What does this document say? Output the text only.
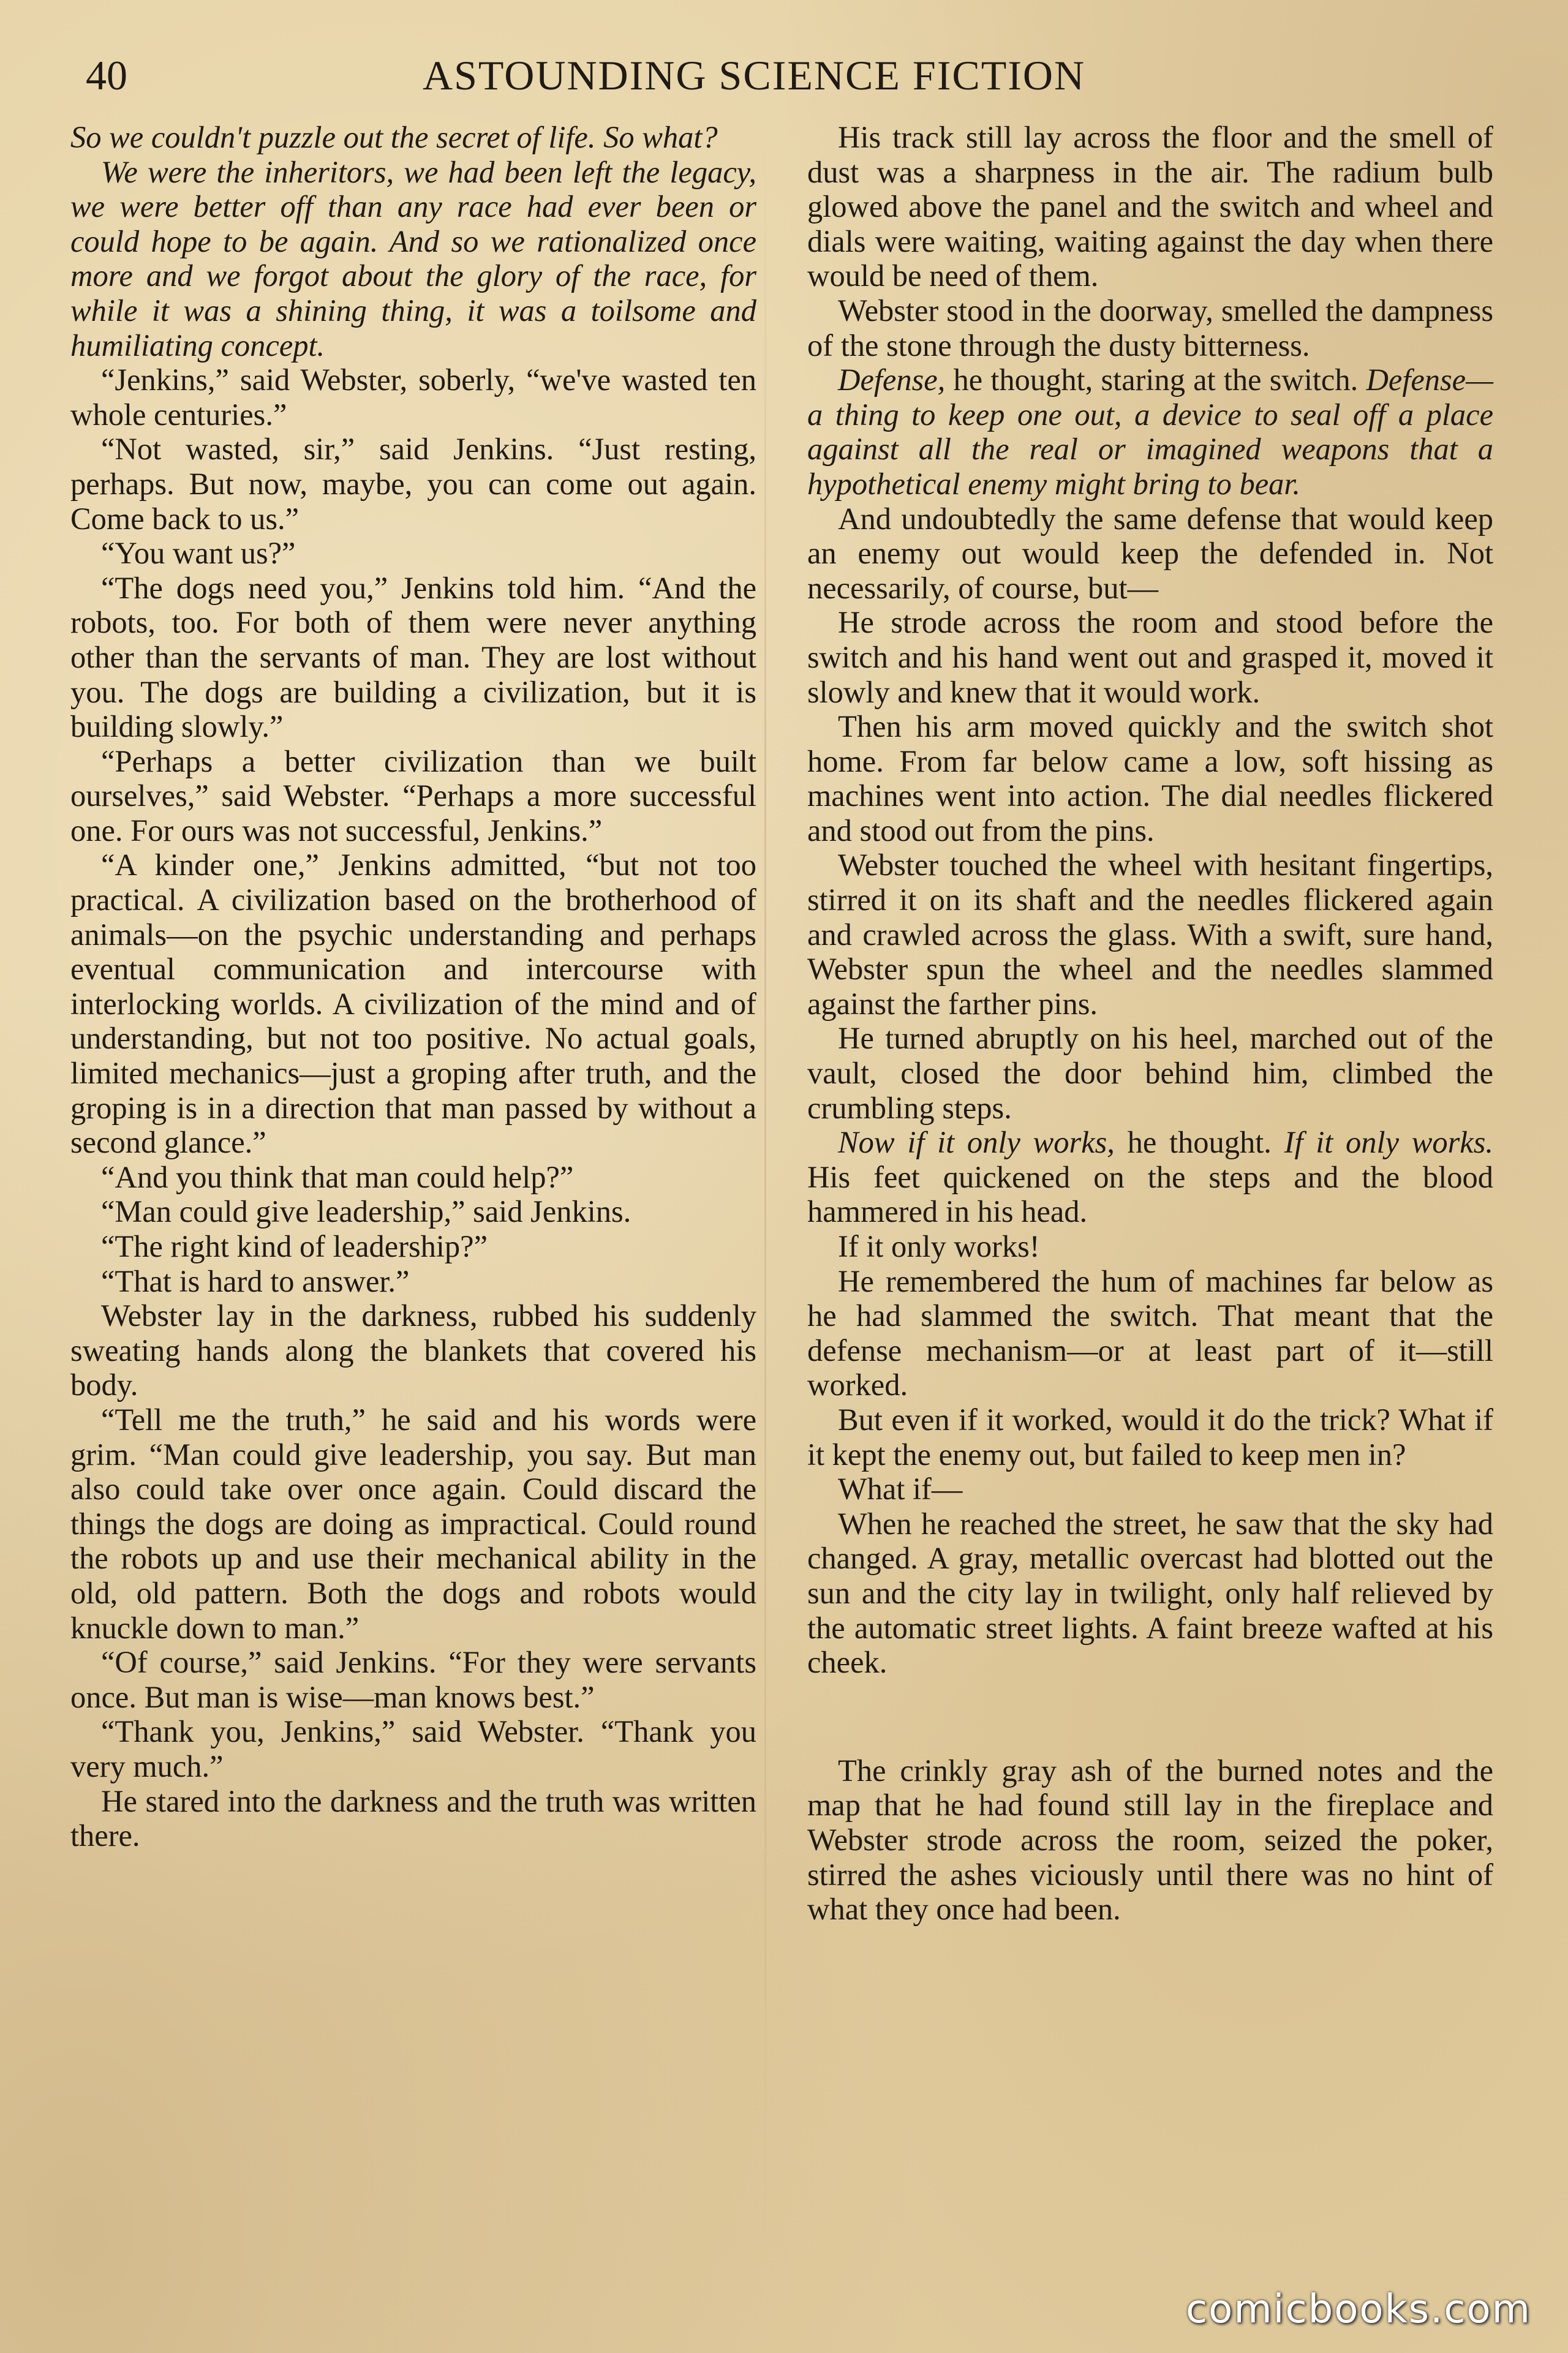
40	ASTOUNDING SCIENCE FICTION

So we couldn't puzzle out the secret of life. So what?

We were the inheritors, we had been left the legacy, we were better off than any race had ever been or could hope to be again. And so we rationalized once more and we forgot about the glory of the race, for while it was a shining thing, it was a toilsome and humiliating concept.

“Jenkins,” said Webster, soberly, “we've wasted ten whole centuries.”

“Not wasted, sir,” said Jenkins. “Just resting, perhaps. But now, maybe, you can come out again. Come back to us.”

“You want us?”

“The dogs need you,” Jenkins told him. “And the robots, too. For both of them were never anything other than the servants of man. They are lost without you. The dogs are building a civilization, but it is building slowly.”

“Perhaps a better civilization than we built ourselves,” said Webster. “Perhaps a more successful one. For ours was not successful, Jenkins.”

“A kinder one,” Jenkins admitted, “but not too practical. A civilization based on the brotherhood of animals—on the psychic understanding and perhaps eventual communication and intercourse with interlocking worlds. A civilization of the mind and of understanding, but not too positive. No actual goals, limited mechanics—just a groping after truth, and the groping is in a direction that man passed by without a second glance.”

“And you think that man could help?”

“Man could give leadership,” said Jenkins.

“The right kind of leadership?”

“That is hard to answer.”

Webster lay in the darkness, rubbed his suddenly sweating hands along the blankets that covered his body.

“Tell me the truth,” he said and his words were grim. “Man could give leadership, you say. But man also could take over once again. Could discard the things the dogs are doing as impractical. Could round the robots up and use their mechanical ability in the old, old pattern. Both the dogs and robots would knuckle down to man.”

“Of course,” said Jenkins. “For they were servants once. But man is wise—man knows best.”

“Thank you, Jenkins,” said Webster. “Thank you very much.”

He stared into the darkness and the truth was written there.

His track still lay across the floor and the smell of dust was a sharpness in the air. The radium bulb glowed above the panel and the switch and wheel and dials were waiting, waiting against the day when there would be need of them.

Webster stood in the doorway, smelled the dampness of the stone through the dusty bitterness.

Defense, he thought, staring at the switch. Defense—a thing to keep one out, a device to seal off a place against all the real or imagined weapons that a hypothetical enemy might bring to bear.

And undoubtedly the same defense that would keep an enemy out would keep the defended in. Not necessarily, of course, but—

He strode across the room and stood before the switch and his hand went out and grasped it, moved it slowly and knew that it would work.

Then his arm moved quickly and the switch shot home. From far below came a low, soft hissing as machines went into action. The dial needles flickered and stood out from the pins.

Webster touched the wheel with hesitant fingertips, stirred it on its shaft and the needles flickered again and crawled across the glass. With a swift, sure hand, Webster spun the wheel and the needles slammed against the farther pins.

He turned abruptly on his heel, marched out of the vault, closed the door behind him, climbed the crumbling steps.

Now if it only works, he thought. If it only works. His feet quickened on the steps and the blood hammered in his head.

If it only works!

He remembered the hum of machines far below as he had slammed the switch. That meant that the defense mechanism—or at least part of it—still worked.

But even if it worked, would it do the trick? What if it kept the enemy out, but failed to keep men in?

What if—

When he reached the street, he saw that the sky had changed. A gray, metallic overcast had blotted out the sun and the city lay in twilight, only half relieved by the automatic street lights. A faint breeze wafted at his cheek.

The crinkly gray ash of the burned notes and the map that he had found still lay in the fireplace and Webster strode across the room, seized the poker, stirred the ashes viciously until there was no hint of what they once had been.

comicbooks.com
